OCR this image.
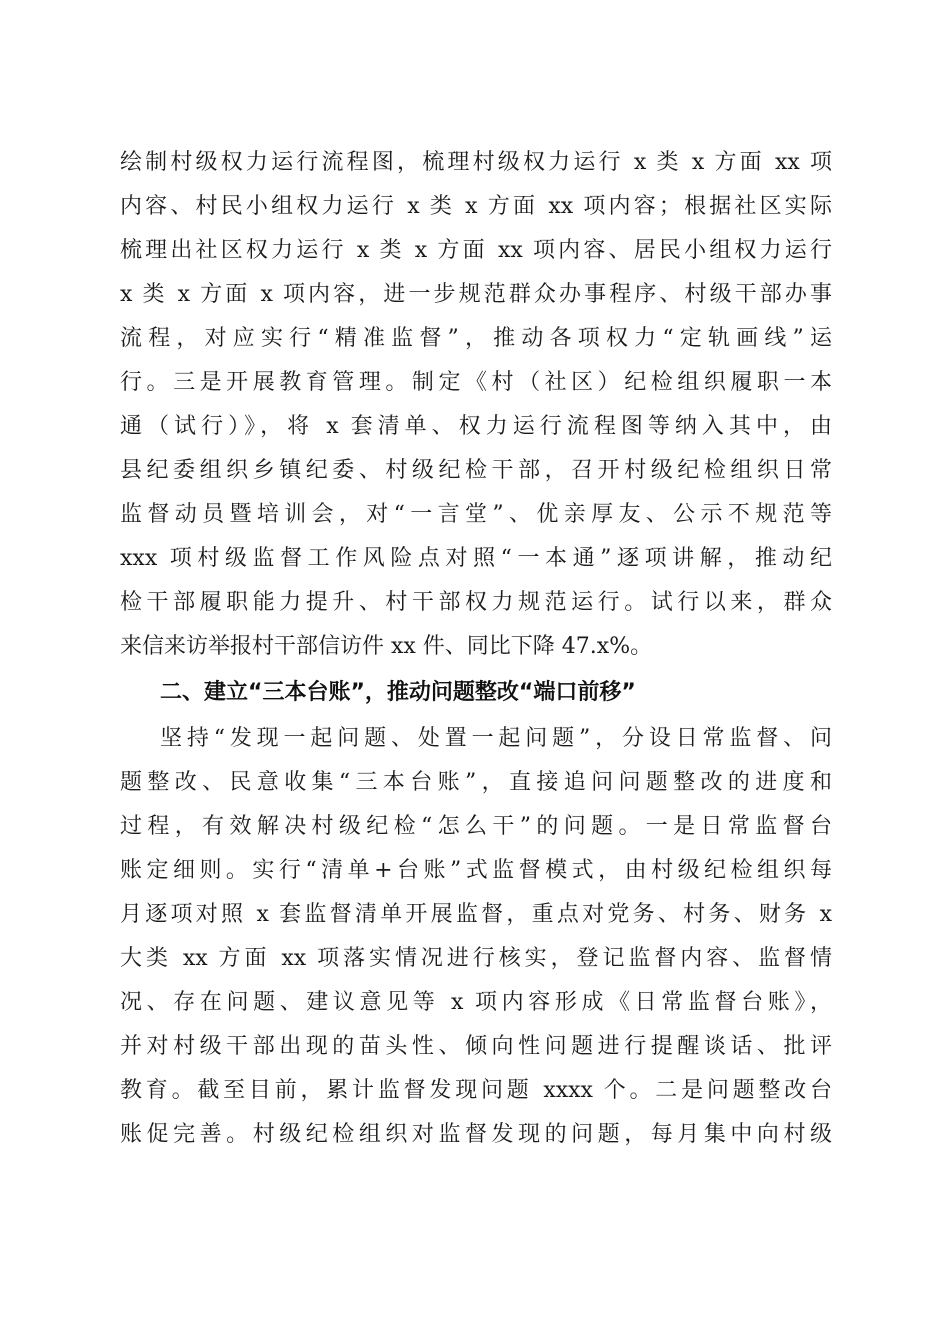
绘制村级权力运行流程图，梳理村级权力运行 x 类 x 方面 xx 项
内容、村民小组权力运行 x 类 x 方面 xx 项内容；根据社区实际
梳理出社区权力运行 x 类 x 方面 xx 项内容、居民小组权力运行
x 类 x 方面 x 项内容，进一步规范群众办事程序、村级干部办事
流程，对应实行“精准监督”，推动各项权力“定轨画线”运
行。三是开展教育管理。制定《村（社区）纪检组织履职一本
通（试行）》，将 x 套清单、权力运行流程图等纳入其中，由
县纪委组织乡镇纪委、村级纪检干部，召开村级纪检组织日常
监督动员暨培训会，对“一言堂”、优亲厚友、公示不规范等
xxx 项村级监督工作风险点对照“一本通”逐项讲解，推动纪
检干部履职能力提升、村干部权力规范运行。试行以来，群众
来信来访举报村干部信访件 xx 件、同比下降 47.x%。
二、建立“三本台账”，推动问题整改“端口前移”
坚持“发现一起问题、处置一起问题”，分设日常监督、问
题整改、民意收集“三本台账”，直接追问问题整改的进度和
过程，有效解决村级纪检“怎么干”的问题。一是日常监督台
账定细则。实行“清单+台账”式监督模式，由村级纪检组织每
月逐项对照 x 套监督清单开展监督，重点对党务、村务、财务 x
大类 xx 方面 xx 项落实情况进行核实，登记监督内容、监督情
况、存在问题、建议意见等 x 项内容形成《日常监督台账》，
并对村级干部出现的苗头性、倾向性问题进行提醒谈话、批评
教育。截至目前，累计监督发现问题 xxxx 个。二是问题整改台
账促完善。村级纪检组织对监督发现的问题，每月集中向村级
